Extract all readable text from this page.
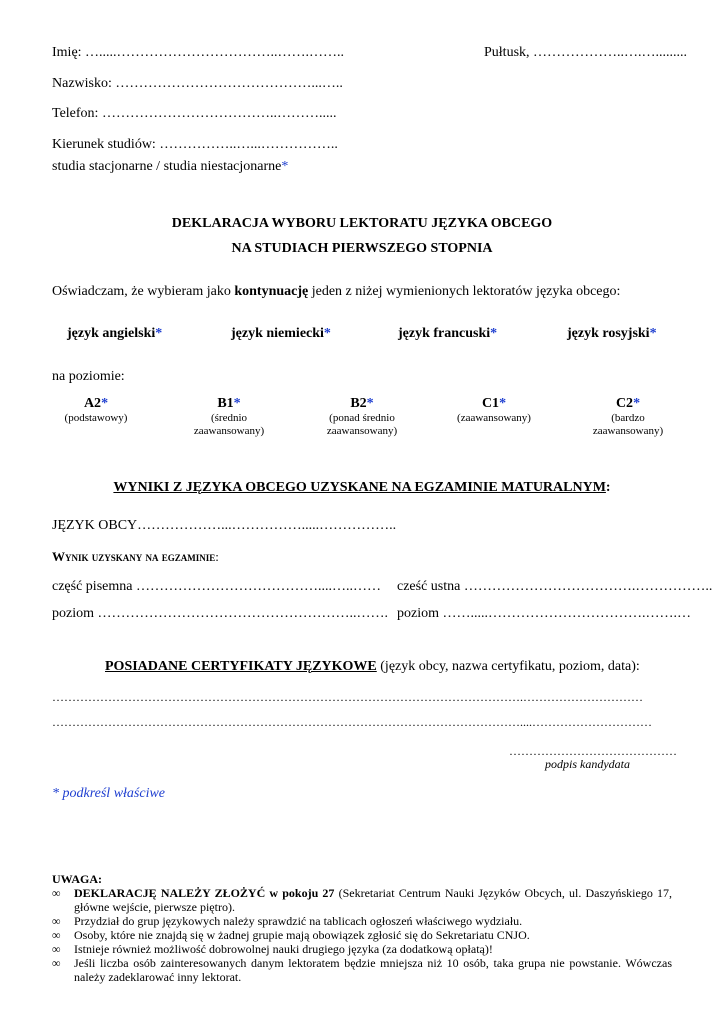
Imię: ….....……………………………..…….……..	Pułtusk, ………………..….….........
Nazwisko: ……………………………………...…..
Telefon: ………………………………..……….....
Kierunek studiów: ……………..…...……………..
studia stacjonarne / studia niestacjonarne*
DEKLARACJA WYBORU LEKTORATU JĘZYKA OBCEGO
NA STUDIACH PIERWSZEGO STOPNIA
Oświadczam, że wybieram jako kontynuację jeden z niżej wymienionych lektoratów języka obcego:
język angielski*	język niemiecki*	język francuski*	język rosyjski*
na poziomie:
A2*
(podstawowy)
B1*
(średnio zaawansowany)
B2*
(ponad średnio zaawansowany)
C1*
(zaawansowany)
C2*
(bardzo zaawansowany)
WYNIKI Z JĘZYKA OBCEGO UZYSKANE NA EGZAMINIE MATURALNYM:
JĘZYK OBCY………………...…………….....……………..
Wynik uzyskany na egzaminie:
część pisemna …………………………………....…..…… cześć ustna ……………………………….……………..
poziom ………………………………………………..……. poziom …….....…………………………….…….…
POSIADANE CERTYFIKATY JĘZYKOWE (język obcy, nazwa certyfikatu, poziom, data):
……………………………………………………………………………………………………….…………………………
………………………………………………………………………………………………………....…………………………
……………………………………
podpis kandydata
* podkreśl właściwe
UWAGA:

∞ DEKLARACJĘ NALEŻY ZŁOŻYĆ w pokoju 27 (Sekretariat Centrum Nauki Języków Obcych, ul. Daszyńskiego 17, główne wejście, pierwsze piętro).

∞ Przydział do grup językowych należy sprawdzić na tablicach ogłoszeń właściwego wydziału.

∞ Osoby, które nie znajdą się w żadnej grupie mają obowiązek zgłosić się do Sekretariatu CNJO.

∞ Istnieje również możliwość dobrowolnej nauki drugiego języka (za dodatkową opłatą)!

∞ Jeśli liczba osób zainteresowanych danym lektoratem będzie mniejsza niż 10 osób, taka grupa nie powstanie. Wówczas należy zadeklarować inny lektorat.
